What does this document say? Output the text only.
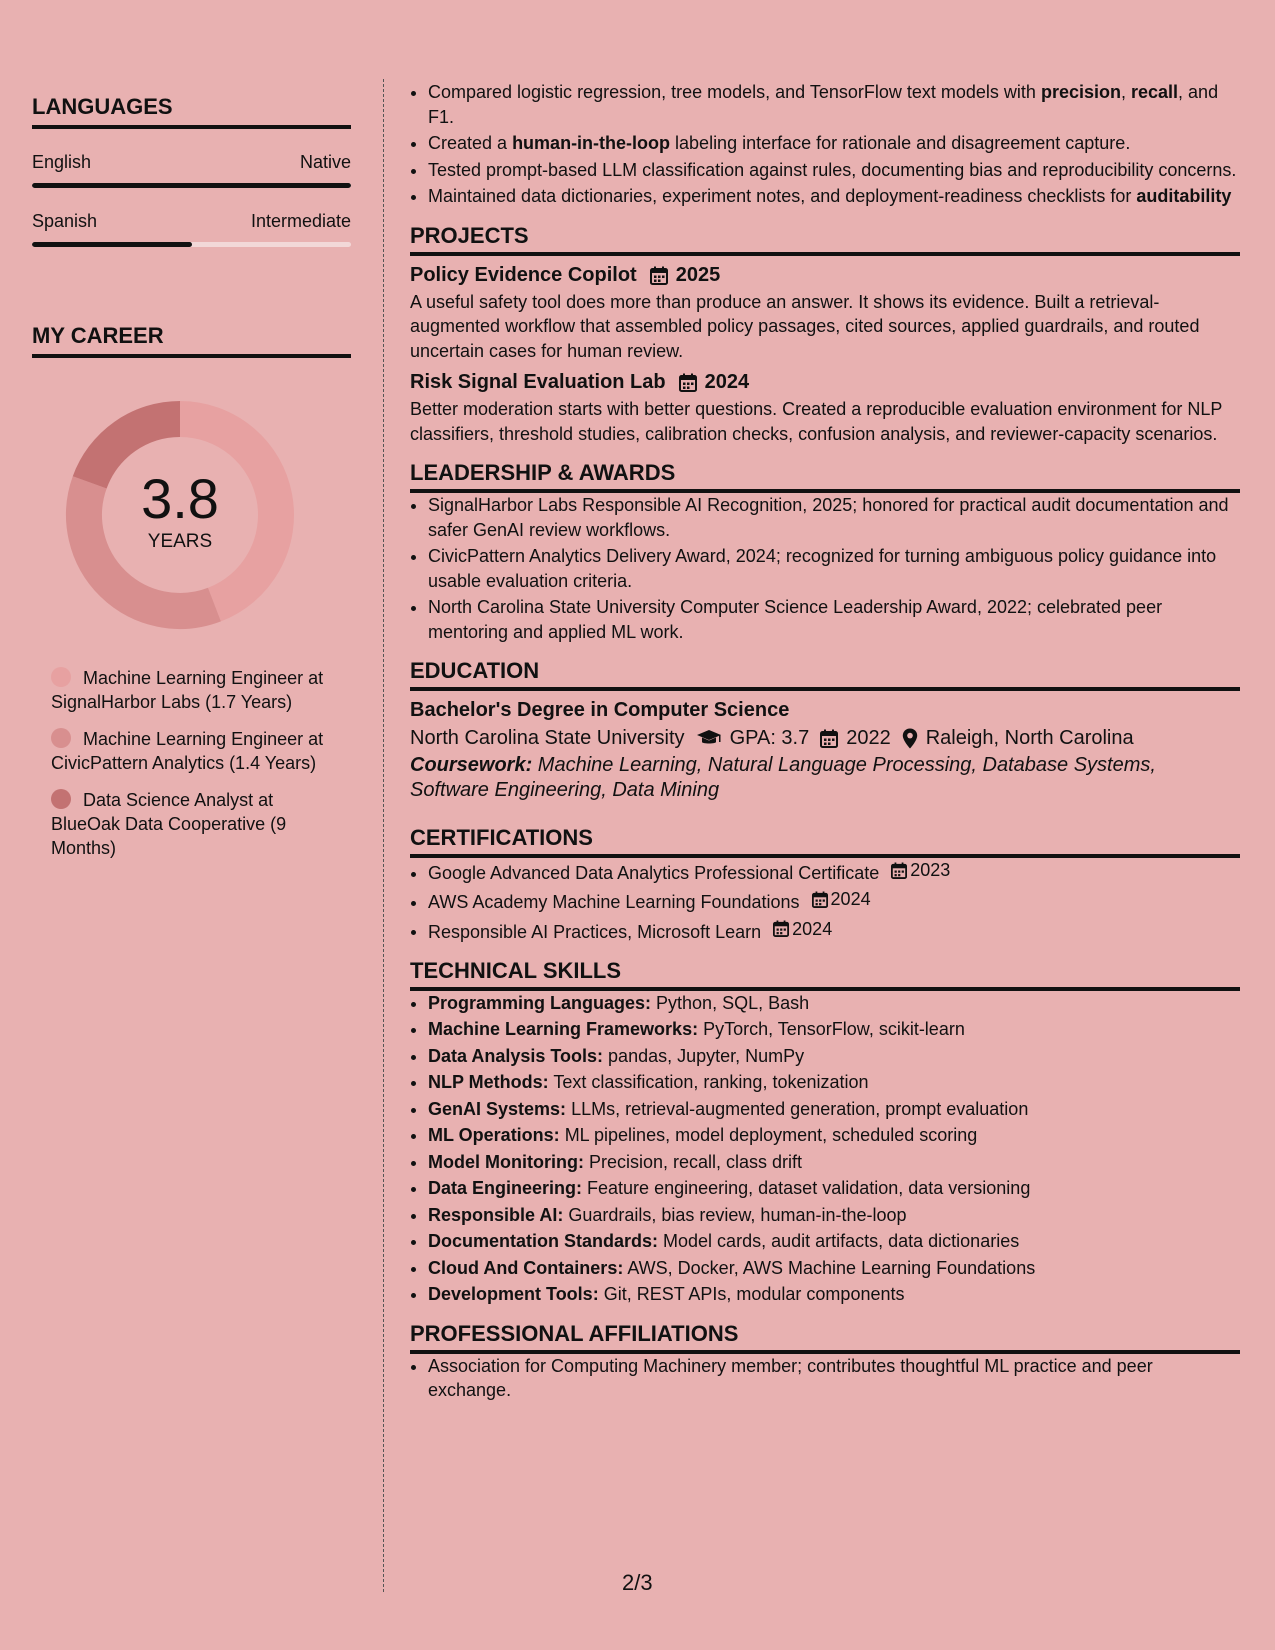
LANGUAGES
English	Native
Spanish	Intermediate
MY CAREER
3.8
YEARS
Machine Learning Engineer at SignalHarbor Labs (1.7 Years)
Machine Learning Engineer at CivicPattern Analytics (1.4 Years)
Data Science Analyst at BlueOak Data Cooperative (9 Months)
• Compared logistic regression, tree models, and TensorFlow text models with precision, recall, and F1.
• Created a human-in-the-loop labeling interface for rationale and disagreement capture.
• Tested prompt-based LLM classification against rules, documenting bias and reproducibility concerns.
• Maintained data dictionaries, experiment notes, and deployment-readiness checklists for auditability
PROJECTS
Policy Evidence Copilot 2025

A useful safety tool does more than produce an answer. It shows its evidence. Built a retrieval-augmented workflow that assembled policy passages, cited sources, applied guardrails, and routed uncertain cases for human review.

Risk Signal Evaluation Lab 2024

Better moderation starts with better questions. Created a reproducible evaluation environment for NLP classifiers, threshold studies, calibration checks, confusion analysis, and reviewer-capacity scenarios.

LEADERSHIP & AWARDS
• SignalHarbor Labs Responsible AI Recognition, 2025; honored for practical audit documentation and safer GenAI review workflows.
• CivicPattern Analytics Delivery Award, 2024; recognized for turning ambiguous policy guidance into usable evaluation criteria.
• North Carolina State University Computer Science Leadership Award, 2022; celebrated peer mentoring and applied ML work.
EDUCATION
Bachelor's Degree in Computer Science
North Carolina State University GPA: 3.7 2022 Raleigh, North Carolina
Coursework: Machine Learning, Natural Language Processing, Database Systems, Software Engineering, Data Mining
CERTIFICATIONS
• Google Advanced Data Analytics Professional Certificate 2023
• AWS Academy Machine Learning Foundations 2024
• Responsible AI Practices, Microsoft Learn 2024
TECHNICAL SKILLS
• Programming Languages: Python, SQL, Bash
• Machine Learning Frameworks: PyTorch, TensorFlow, scikit-learn
• Data Analysis Tools: pandas, Jupyter, NumPy
• NLP Methods: Text classification, ranking, tokenization
• GenAI Systems: LLMs, retrieval-augmented generation, prompt evaluation
• ML Operations: ML pipelines, model deployment, scheduled scoring
• Model Monitoring: Precision, recall, class drift
• Data Engineering: Feature engineering, dataset validation, data versioning
• Responsible AI: Guardrails, bias review, human-in-the-loop
• Documentation Standards: Model cards, audit artifacts, data dictionaries
• Cloud And Containers: AWS, Docker, AWS Machine Learning Foundations
• Development Tools: Git, REST APIs, modular components
PROFESSIONAL AFFILIATIONS
• Association for Computing Machinery member; contributes thoughtful ML practice and peer exchange.
2/3
